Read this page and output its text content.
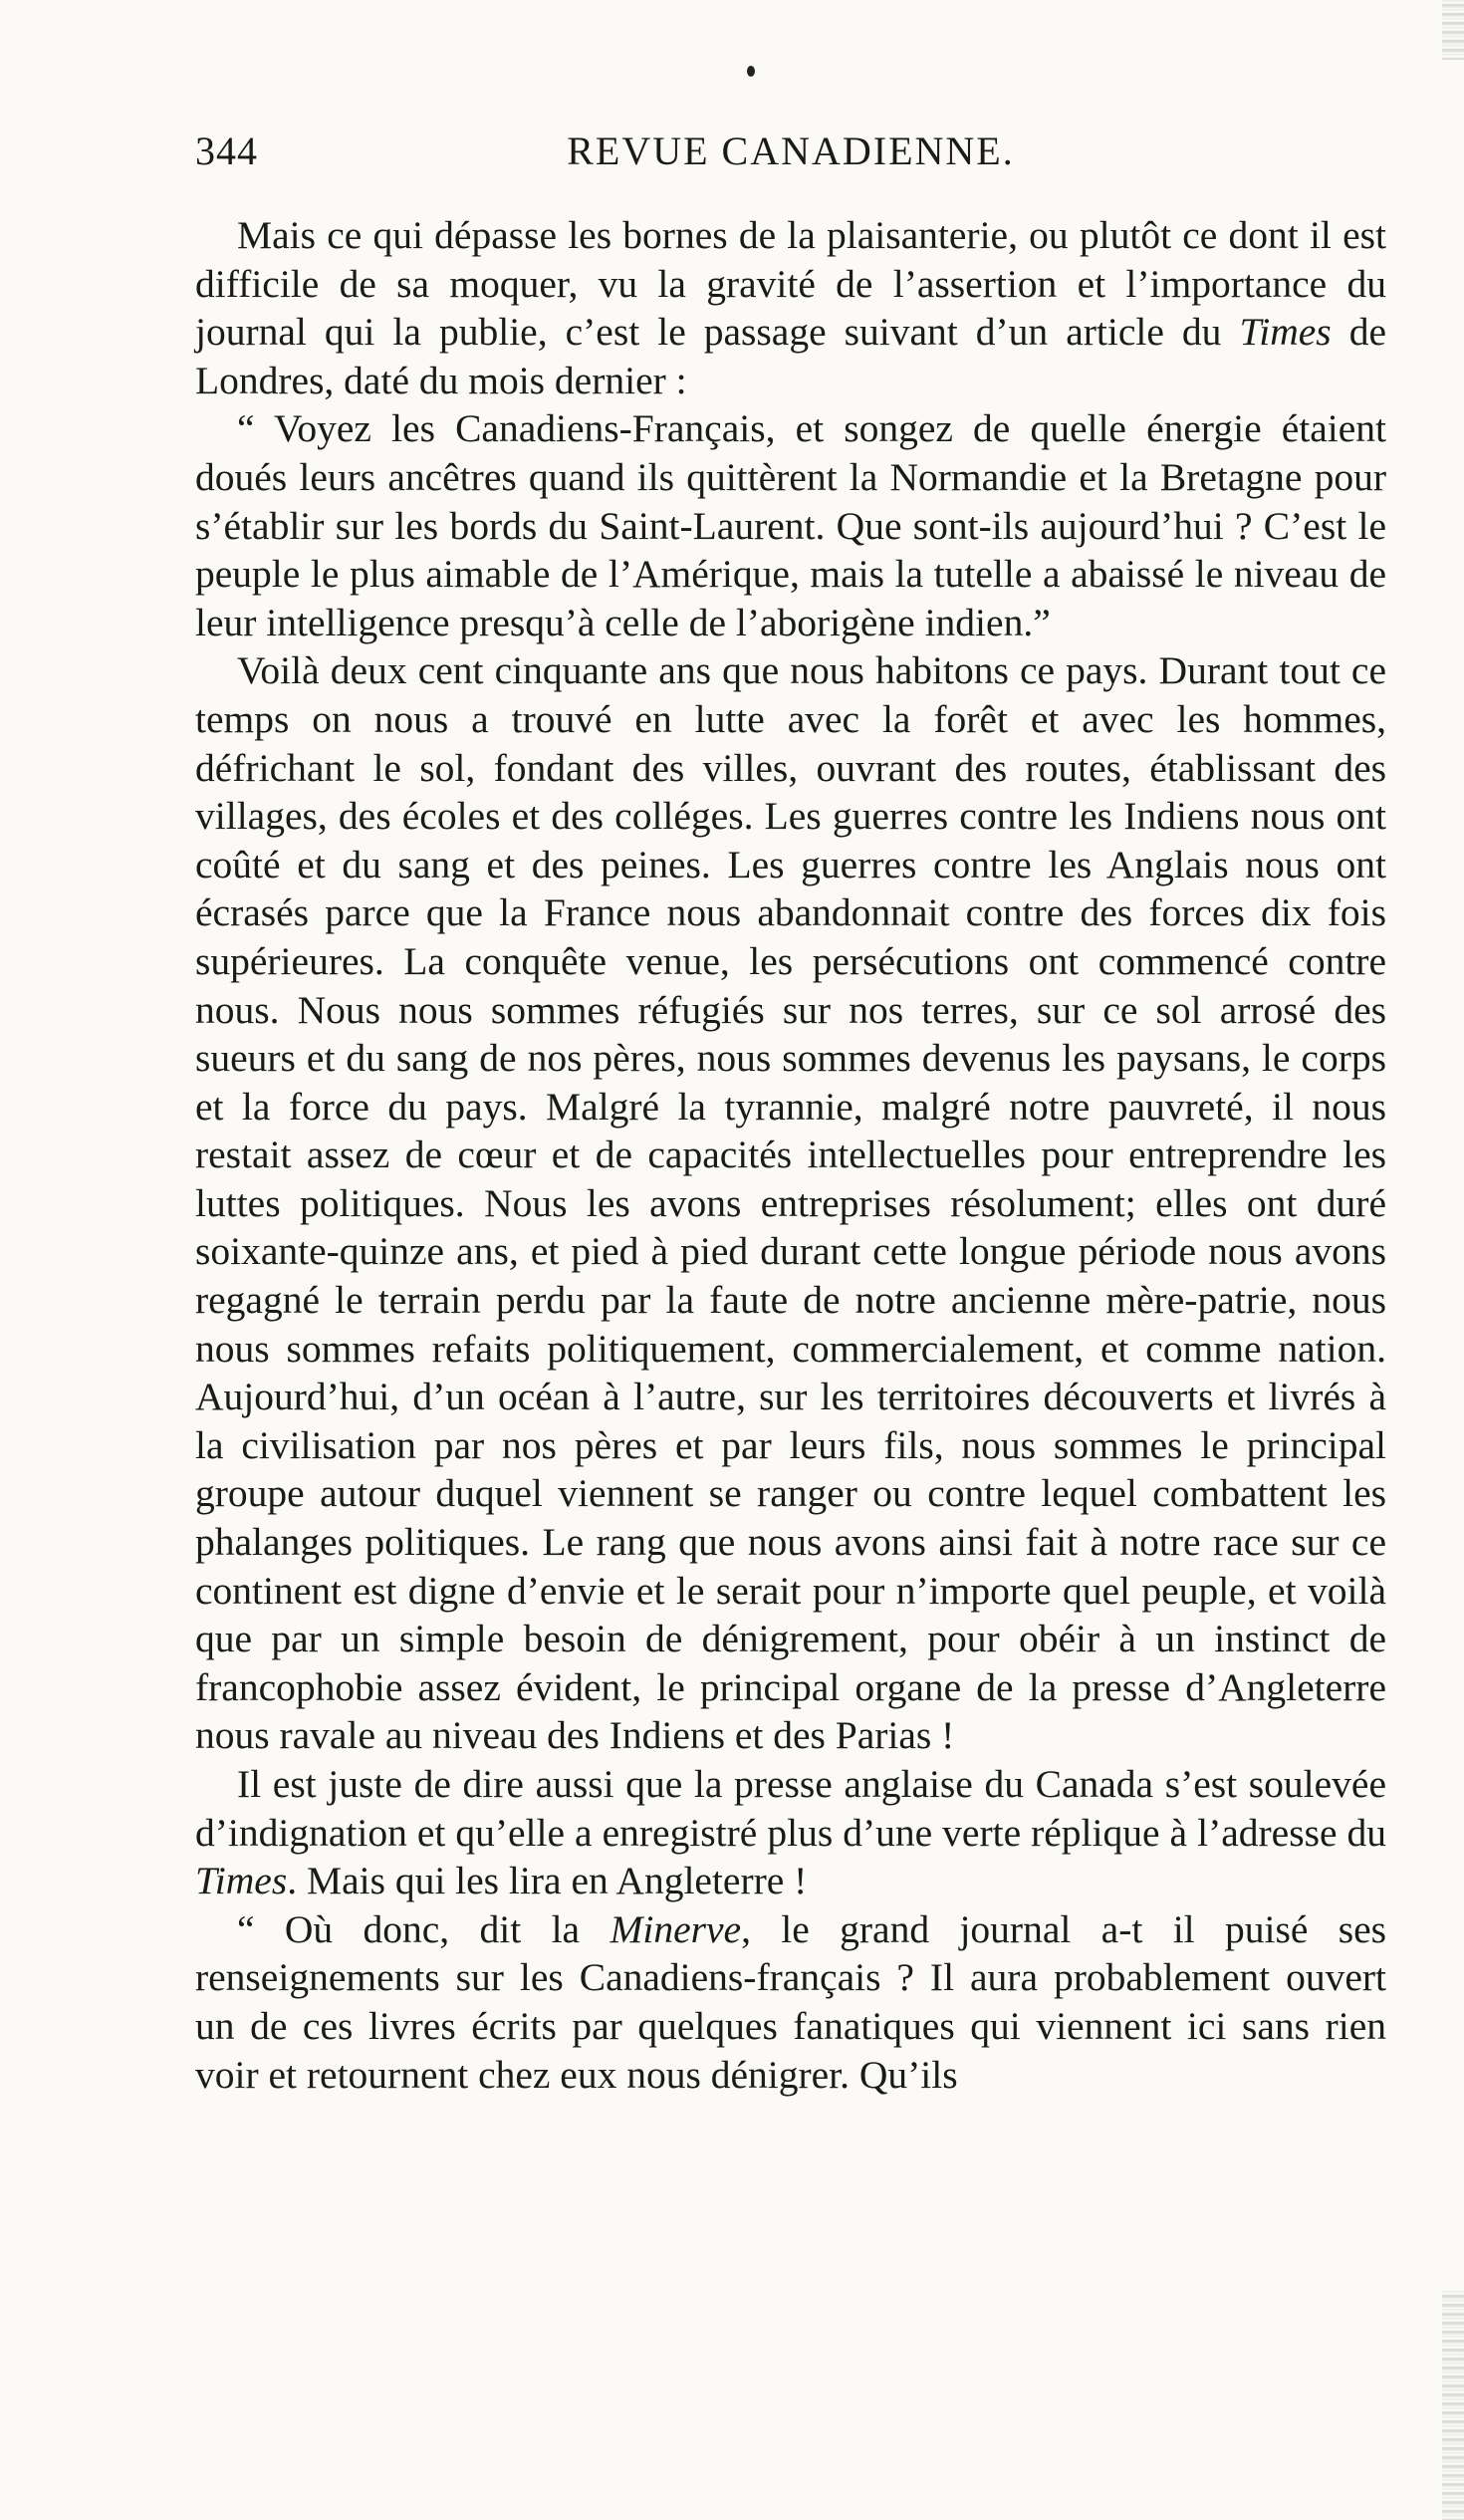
344	REVUE CANADIENNE.

Mais ce qui dépasse les bornes de la plaisanterie, ou plutôt ce dont il est difficile de sa moquer, vu la gravité de l’assertion et l’importance du journal qui la publie, c’est le passage suivant d’un article du Times de Londres, daté du mois dernier :

“ Voyez les Canadiens-Français, et songez de quelle énergie étaient doués leurs ancêtres quand ils quittèrent la Normandie et la Bretagne pour s’établir sur les bords du Saint-Laurent. Que sont-ils aujourd’hui ? C’est le peuple le plus aimable de l’Amérique, mais la tutelle a abaissé le niveau de leur intelligence presqu’à celle de l’aborigène indien.”

Voilà deux cent cinquante ans que nous habitons ce pays. Durant tout ce temps on nous a trouvé en lutte avec la forêt et avec les hommes, défrichant le sol, fondant des villes, ouvrant des routes, établissant des villages, des écoles et des colléges. Les guerres contre les Indiens nous ont coûté et du sang et des peines. Les guerres contre les Anglais nous ont écrasés parce que la France nous abandonnait contre des forces dix fois supérieures. La conquête venue, les persécutions ont commencé contre nous. Nous nous sommes réfugiés sur nos terres, sur ce sol arrosé des sueurs et du sang de nos pères, nous sommes devenus les paysans, le corps et la force du pays. Malgré la tyrannie, malgré notre pauvreté, il nous restait assez de cœur et de capacités intellectuelles pour entreprendre les luttes politiques. Nous les avons entreprises résolument; elles ont duré soixante-quinze ans, et pied à pied durant cette longue période nous avons regagné le terrain perdu par la faute de notre ancienne mère-patrie, nous nous sommes refaits politiquement, commercialement, et comme nation. Aujourd’hui, d’un océan à l’autre, sur les territoires découverts et livrés à la civilisation par nos pères et par leurs fils, nous sommes le principal groupe autour duquel viennent se ranger ou contre lequel combattent les phalanges politiques. Le rang que nous avons ainsi fait à notre race sur ce continent est digne d’envie et le serait pour n’importe quel peuple, et voilà que par un simple besoin de dénigrement, pour obéir à un instinct de francophobie assez évident, le principal organe de la presse d’Angleterre nous ravale au niveau des Indiens et des Parias !

Il est juste de dire aussi que la presse anglaise du Canada s’est soulevée d’indignation et qu’elle a enregistré plus d’une verte réplique à l’adresse du Times. Mais qui les lira en Angleterre !

“ Où donc, dit la Minerve, le grand journal a-t il puisé ses renseignements sur les Canadiens-français ? Il aura probablement ouvert un de ces livres écrits par quelques fanatiques qui viennent ici sans rien voir et retournent chez eux nous dénigrer. Qu’ils
